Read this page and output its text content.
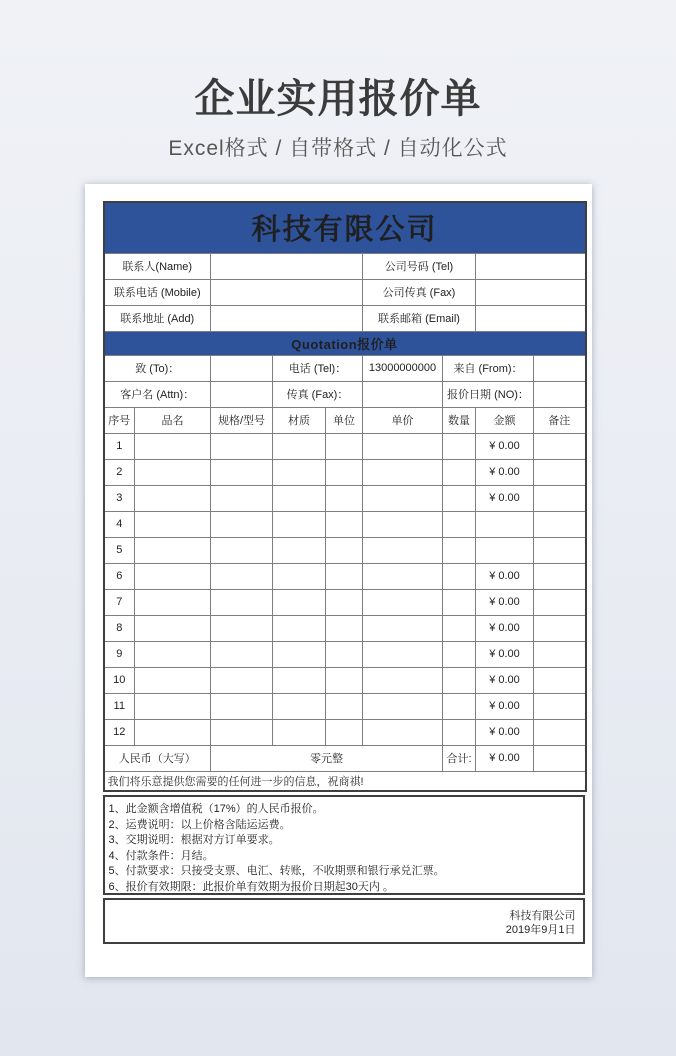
企业实用报价单
Excel格式 / 自带格式 / 自动化公式
科技有限公司								
联系人(Name)					公司号码 (Tel)			
联系电话 (Mobile)					公司传真 (Fax)			
联系地址 (Add)					联系邮箱 (Email)			
Quotation报价单								
致 (To)：			电话 (Tel)：		13000000000	来自 (From)：		
客户名 (Attn)：			传真 (Fax)：			报价日期 (NO)：		
序号	品名	规格/型号	材质	单位	单价	数量	金额	备注
1							¥ 0.00	
2							¥ 0.00	
3							¥ 0.00	
4								
5								
6							¥ 0.00	
7							¥ 0.00	
8							¥ 0.00	
9							¥ 0.00	
10							¥ 0.00	
11							¥ 0.00	
12							¥ 0.00	
人民币（大写）		零元整				合计:	¥ 0.00	
我们将乐意提供您需要的任何进一步的信息，祝商祺!								
1、此金额含增值税（17%）的人民币报价。
2、运费说明：以上价格含陆运运费。
3、交期说明：根据对方订单要求。
4、付款条件：月结。
5、付款要求：只接受支票、电汇、转账，不收期票和银行承兑汇票。
6、报价有效期限：此报价单有效期为报价日期起30天内 。
科技有限公司
2019年9月1日
